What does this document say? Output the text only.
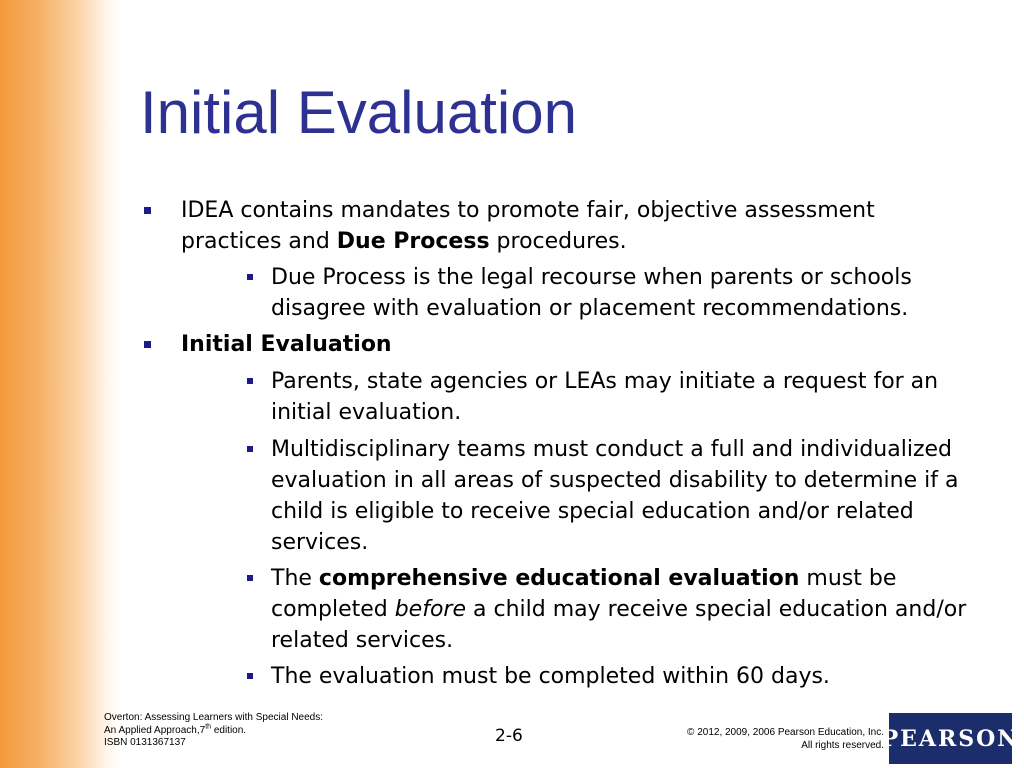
Initial Evaluation
IDEA contains mandates to promote fair, objective assessment practices and Due Process procedures.
Due Process is the legal recourse when parents or schools disagree with evaluation or placement recommendations.
Initial Evaluation
Parents, state agencies or LEAs may initiate a request for an initial evaluation.
Multidisciplinary teams must conduct a full and individualized evaluation in all areas of suspected disability to determine if a child is eligible to receive special education and/or related services.
The comprehensive educational evaluation must be completed before a child may receive special education and/or related services.
The evaluation must be completed within 60 days.
Overton: Assessing Learners with Special Needs:
An Applied Approach,7th edition.
ISBN 0131367137	2-6	© 2012, 2009, 2006 Pearson Education, Inc.
All rights reserved.
PEARSON
